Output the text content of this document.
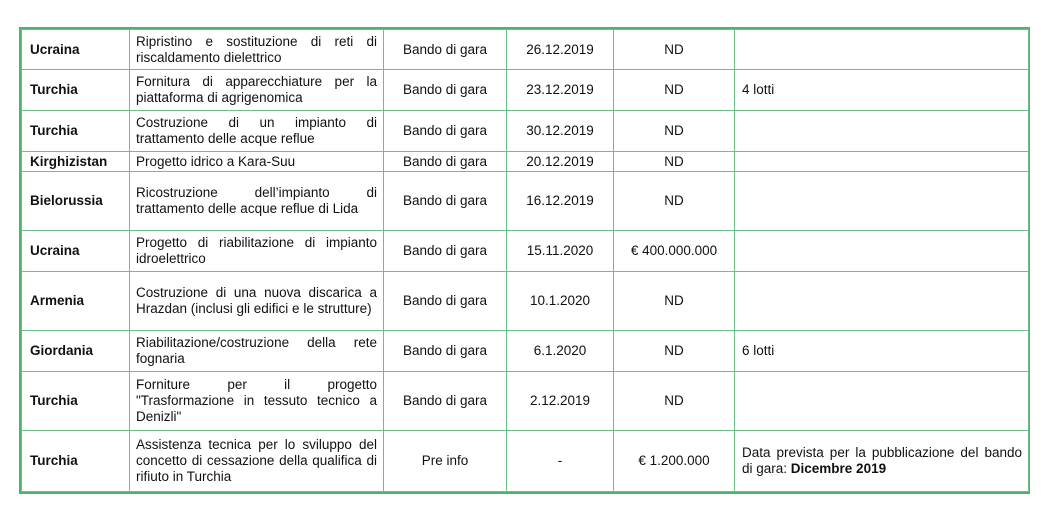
Ucraina	Ripristino e sostituzione di reti di riscaldamento dielettrico	Bando di gara	26.12.2019	ND	
Turchia	Fornitura di apparecchiature per la piattaforma di agrigenomica	Bando di gara	23.12.2019	ND	4 lotti
Turchia	Costruzione di un impianto di trattamento delle acque reflue	Bando di gara	30.12.2019	ND	
Kirghizistan	Progetto idrico a Kara-Suu	Bando di gara	20.12.2019	ND	
Bielorussia	Ricostruzione dell’impianto di trattamento delle acque reflue di Lida	Bando di gara	16.12.2019	ND	
Ucraina	Progetto di riabilitazione di impianto idroelettrico	Bando di gara	15.11.2020	€ 400.000.000	
Armenia	Costruzione di una nuova discarica a Hrazdan (inclusi gli edifici e le strutture)	Bando di gara	10.1.2020	ND	
Giordania	Riabilitazione/costruzione della rete fognaria	Bando di gara	6.1.2020	ND	6 lotti
Turchia	Forniture per il progetto "Trasformazione in tessuto tecnico a Denizli"	Bando di gara	2.12.2019	ND	
Turchia	Assistenza tecnica per lo sviluppo del concetto di cessazione della qualifica di rifiuto in Turchia	Pre info	-	€ 1.200.000	Data prevista per la pubblicazione del bando di gara: Dicembre 2019
